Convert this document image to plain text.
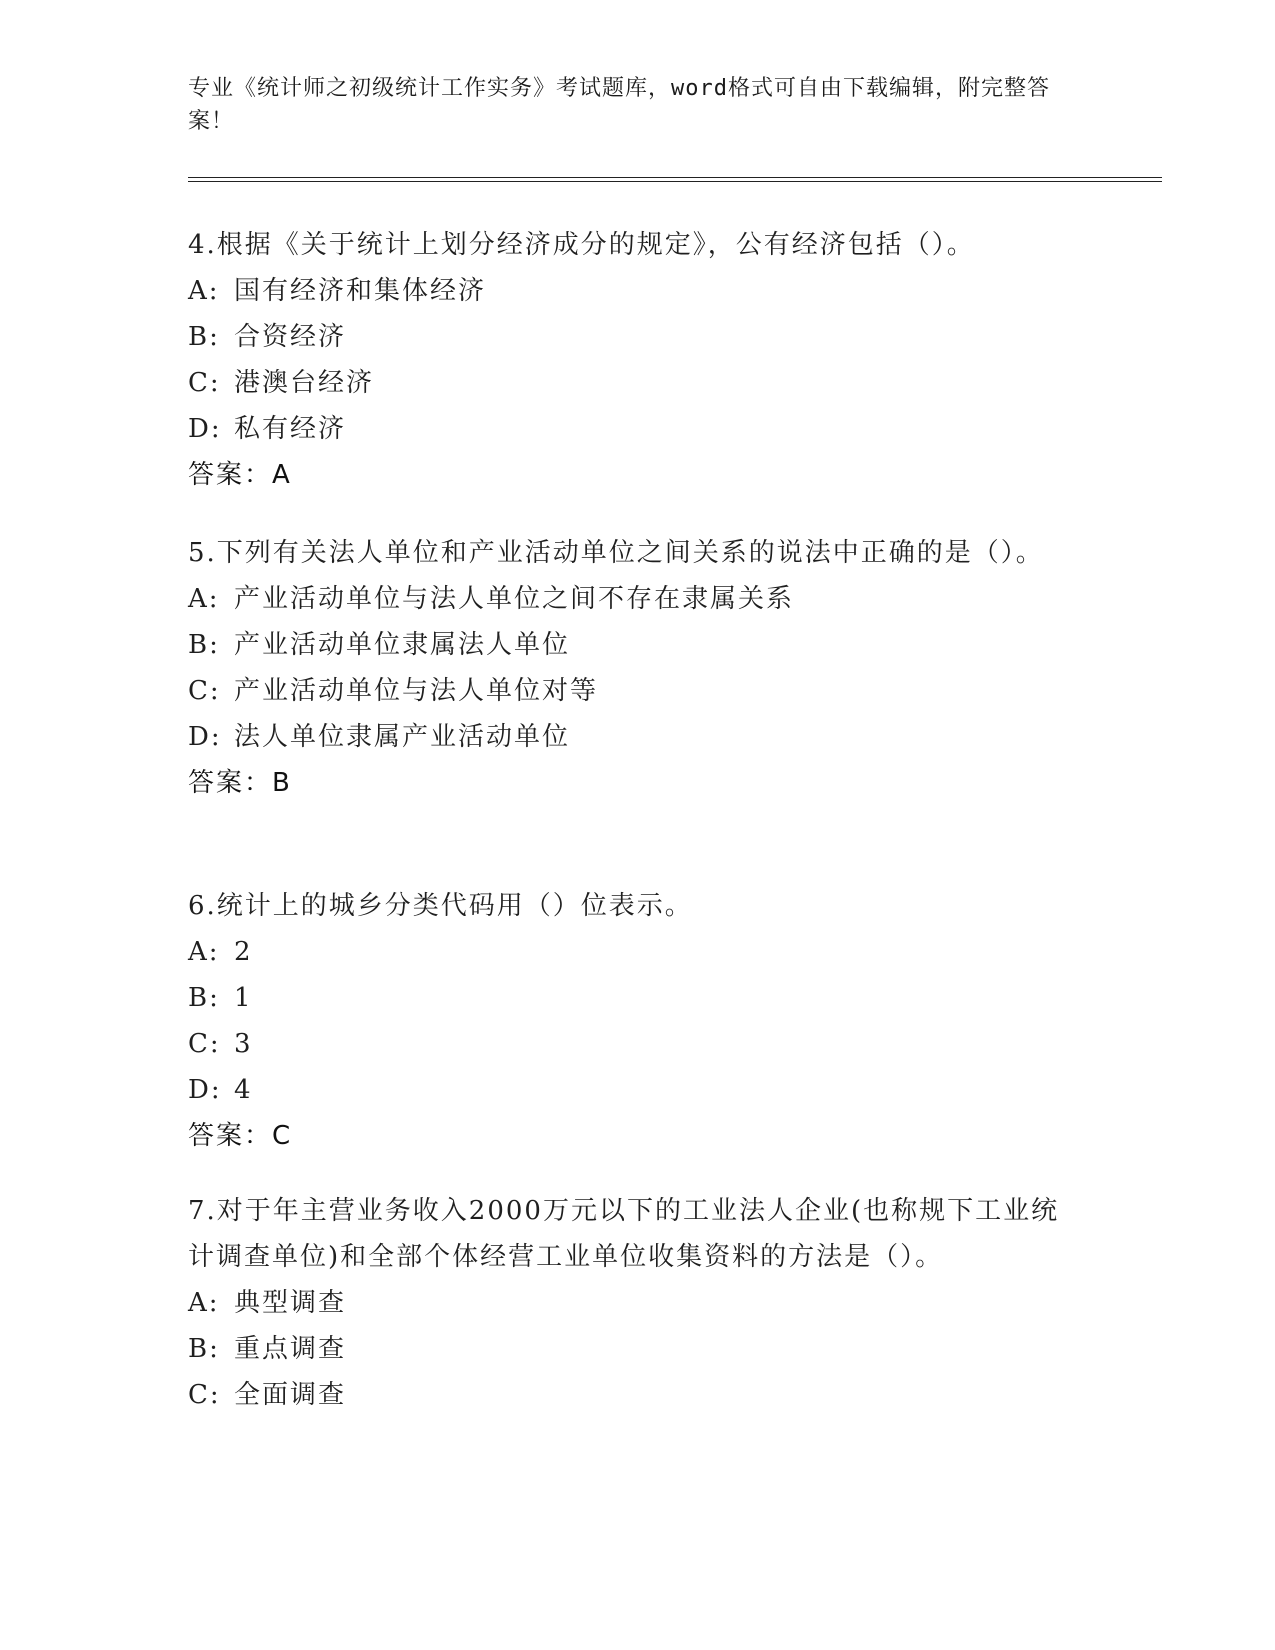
专业《统计师之初级统计工作实务》考试题库，word格式可自由下载编辑，附完整答案！
4.根据《关于统计上划分经济成分的规定》，公有经济包括（）。
A: 国有经济和集体经济
B: 合资经济
C: 港澳台经济
D: 私有经济
答案：A
5.下列有关法人单位和产业活动单位之间关系的说法中正确的是（）。
A: 产业活动单位与法人单位之间不存在隶属关系
B: 产业活动单位隶属法人单位
C: 产业活动单位与法人单位对等
D: 法人单位隶属产业活动单位
答案：B
6.统计上的城乡分类代码用（）位表示。
A: 2
B: 1
C: 3
D: 4
答案：C
7.对于年主营业务收入2000万元以下的工业法人企业(也称规下工业统计调查单位)和全部个体经营工业单位收集资料的方法是（）。
A: 典型调查
B: 重点调查
C: 全面调查
